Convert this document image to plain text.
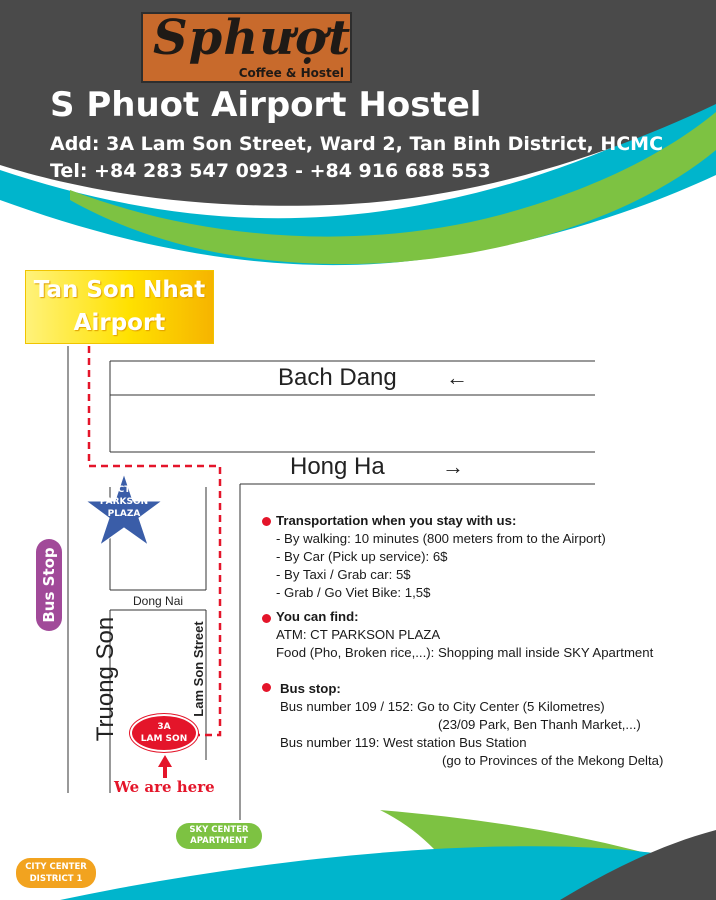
Sphượt
Coffee & Hostel
S Phuot Airport Hostel
Add: 3A Lam Son Street, Ward 2, Tan Binh District, HCMC
Tel: +84 283 547 0923 - +84 916 688 553
Tan Son Nhat
Airport
Bach Dang ←
Hong Ha	→
Dong Nai
Truong Son	Lam Son Street
CT
PARKSON
PLAZA
Bus Stop
3A
LAM SON
We are here
SKY CENTER
APARTMENT
CITY CENTER
DISTRICT 1
Transportation when you stay with us:
- By walking: 10 minutes (800 meters from to the Airport)
- By Car (Pick up service): 6$
- By Taxi / Grab car: 5$
- Grab / Go Viet Bike: 1,5$
You can find:
ATM: CT PARKSON PLAZA
Food (Pho, Broken rice,...): Shopping mall inside SKY Apartment
Bus stop:
Bus number 109 / 152: Go to City Center (5 Kilometres)
(23/09 Park, Ben Thanh Market,...)
Bus number 119: West station Bus Station
(go to Provinces of the Mekong Delta)
